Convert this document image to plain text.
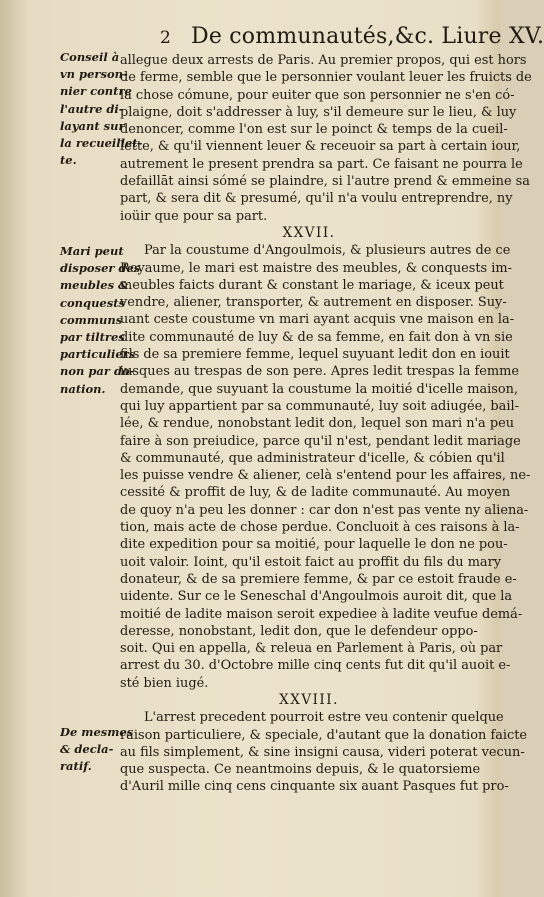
2 De communautés,&c. Liure XV.
Conseil à
vn person-
nier contre
l'autre di-
layant sur
la recueillet-
te.
Mari peut
disposer des
meubles &
conquests
communs
par tiltres
particuliers
non par do-
nation.
De mesmes
& decla-
ratif.
allegue deux arrests de Paris. Au premier propos, qui est hors
de ferme, semble que le personnier voulant leuer les fruicts de
la chose cómune, pour euiter que son personnier ne s'en có-
plaigne, doit s'addresser à luy, s'il demeure sur le lieu, & luy
denoncer, comme l'on est sur le poinct & temps de la cueil-
lette, & qu'il viennent leuer & receuoir sa part à certain iour,
autrement le present prendra sa part. Ce faisant ne pourra le
defaillāt ainsi sómé se plaindre, si l'autre prend & emmeine sa
part, & sera dit & presumé, qu'il n'a voulu entreprendre, ny
ioüir que pour sa part.
XXVII.
Par la coustume d'Angoulmois, & plusieurs autres de ce
Royaume, le mari est maistre des meubles, & conquests im-
meubles faicts durant & constant le mariage, & iceux peut
vendre, aliener, transporter, & autrement en disposer. Suy-
uant ceste coustume vn mari ayant acquis vne maison en la-
dite communauté de luy & de sa femme, en fait don à vn sie
fils de sa premiere femme, lequel suyuant ledit don en iouit
iusques au trespas de son pere. Apres ledit trespas la femme
demande, que suyuant la coustume la moitié d'icelle maison,
qui luy appartient par sa communauté, luy soit adiugée, bail-
lée, & rendue, nonobstant ledit don, lequel son mari n'a peu
faire à son preiudice, parce qu'il n'est, pendant ledit mariage
& communauté, que administrateur d'icelle, & cóbien qu'il
les puisse vendre & aliener, celà s'entend pour les affaires, ne-
cessité & proffit de luy, & de ladite communauté. Au moyen
de quoy n'a peu les donner : car don n'est pas vente ny aliena-
tion, mais acte de chose perdue. Concluoit à ces raisons à la-
dite expedition pour sa moitié, pour laquelle le don ne pou-
uoit valoir. Ioint, qu'il estoit faict au proffit du fils du mary
donateur, & de sa premiere femme, & par ce estoit fraude e-
uidente. Sur ce le Seneschal d'Angoulmois auroit dit, que la
moitié de ladite maison seroit expediee à ladite veufue demá-
deresse, nonobstant, ledit don, que le defendeur oppo-
soit. Qui en appella, & releua en Parlement à Paris, où par
arrest du 30. d'Octobre mille cinq cents fut dit qu'il auoit e-
sté bien iugé.
XXVIII.
L'arrest precedent pourroit estre veu contenir quelque
raison particuliere, & speciale, d'autant que la donation faicte
au fils simplement, & sine insigni causa, videri poterat vecun-
que suspecta. Ce neantmoins depuis, & le quatorsieme
d'Auril mille cinq cens cinquante six auant Pasques fut pro-
